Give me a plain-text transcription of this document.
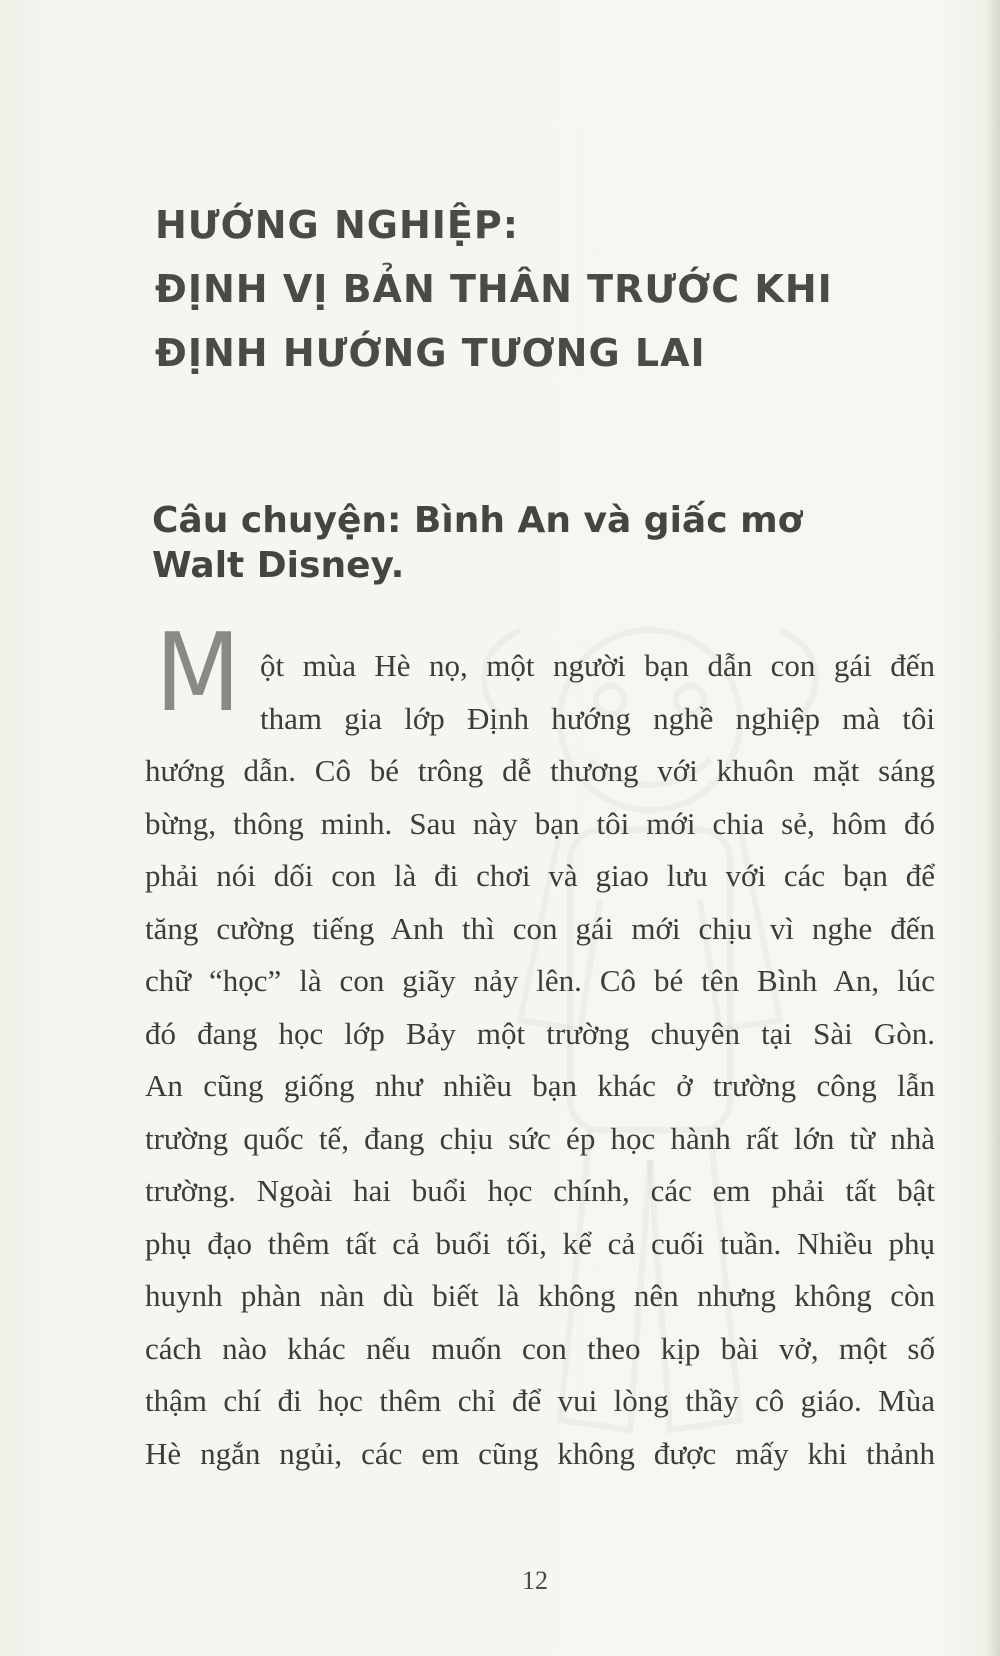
HƯỚNG NGHIỆP:
ĐỊNH VỊ BẢN THÂN TRƯỚC KHI
ĐỊNH HƯỚNG TƯƠNG LAI
Câu chuyện: Bình An và giấc mơ
Walt Disney.
M ột mùa Hè nọ, một người bạn dẫn con gái đến
tham gia lớp Định hướng nghề nghiệp mà tôi
hướng dẫn. Cô bé trông dễ thương với khuôn mặt sáng
bừng, thông minh. Sau này bạn tôi mới chia sẻ, hôm đó
phải nói dối con là đi chơi và giao lưu với các bạn để
tăng cường tiếng Anh thì con gái mới chịu vì nghe đến
chữ “học” là con giãy nảy lên. Cô bé tên Bình An, lúc
đó đang học lớp Bảy một trường chuyên tại Sài Gòn.
An cũng giống như nhiều bạn khác ở trường công lẫn
trường quốc tế, đang chịu sức ép học hành rất lớn từ nhà
trường. Ngoài hai buổi học chính, các em phải tất bật
phụ đạo thêm tất cả buổi tối, kể cả cuối tuần. Nhiều phụ
huynh phàn nàn dù biết là không nên nhưng không còn
cách nào khác nếu muốn con theo kịp bài vở, một số
thậm chí đi học thêm chỉ để vui lòng thầy cô giáo. Mùa
Hè ngắn ngủi, các em cũng không được mấy khi thảnh
12
